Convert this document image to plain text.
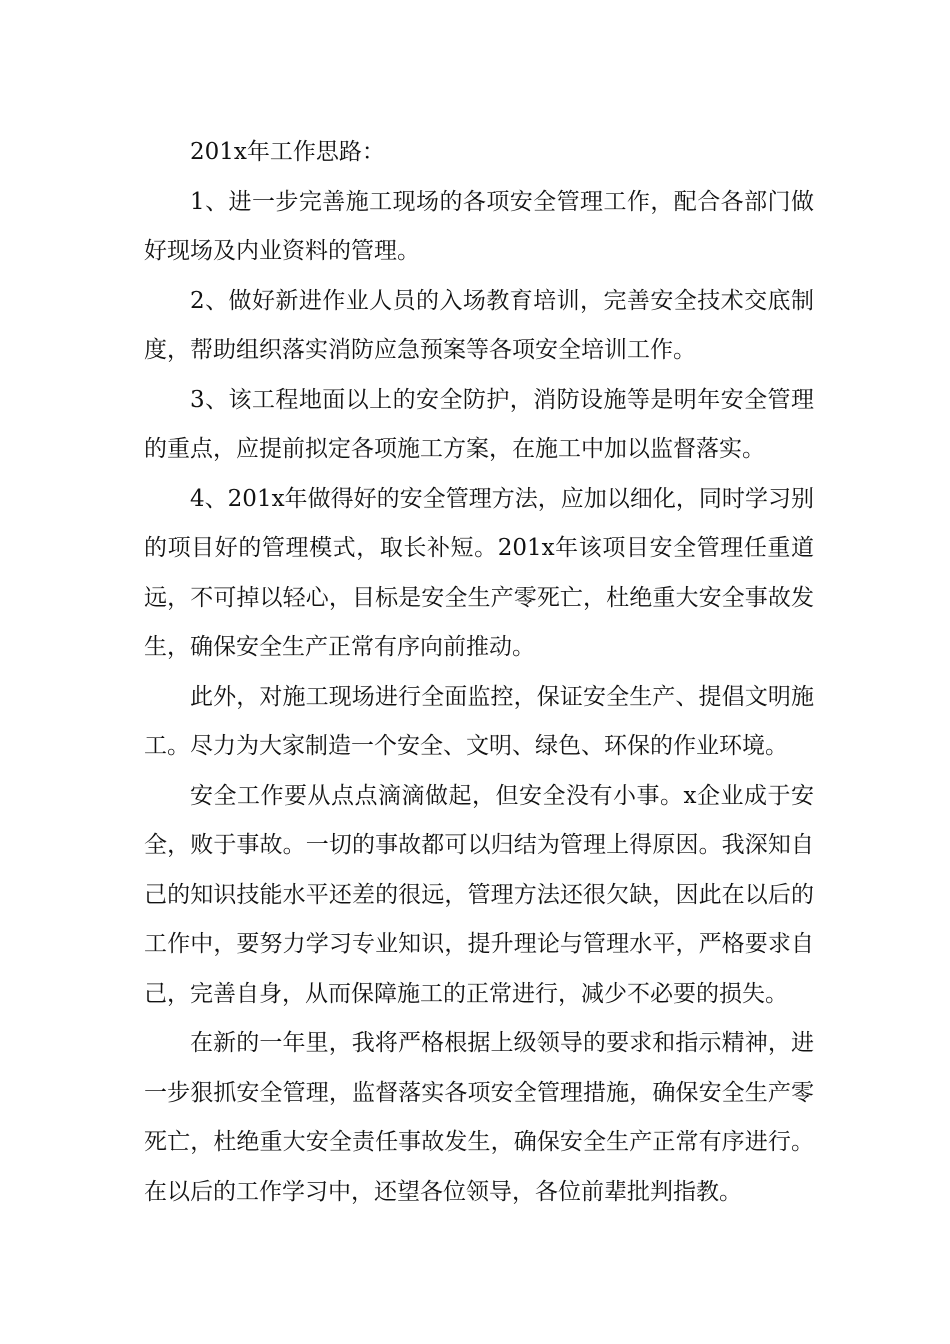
201x年工作思路：

1、进一步完善施工现场的各项安全管理工作，配合各部门做好现场及内业资料的管理。

2、做好新进作业人员的入场教育培训，完善安全技术交底制度，帮助组织落实消防应急预案等各项安全培训工作。

3、该工程地面以上的安全防护，消防设施等是明年安全管理的重点，应提前拟定各项施工方案，在施工中加以监督落实。

4、201x年做得好的安全管理方法，应加以细化，同时学习别的项目好的管理模式，取长补短。201x年该项目安全管理任重道远，不可掉以轻心，目标是安全生产零死亡，杜绝重大安全事故发生，确保安全生产正常有序向前推动。

此外，对施工现场进行全面监控，保证安全生产、提倡文明施工。尽力为大家制造一个安全、文明、绿色、环保的作业环境。

安全工作要从点点滴滴做起，但安全没有小事。x企业成于安全，败于事故。一切的事故都可以归结为管理上得原因。我深知自己的知识技能水平还差的很远，管理方法还很欠缺，因此在以后的工作中，要努力学习专业知识，提升理论与管理水平，严格要求自己，完善自身，从而保障施工的正常进行，减少不必要的损失。

在新的一年里，我将严格根据上级领导的要求和指示精神，进一步狠抓安全管理，监督落实各项安全管理措施，确保安全生产零死亡，杜绝重大安全责任事故发生，确保安全生产正常有序进行。在以后的工作学习中，还望各位领导，各位前辈批判指教。
